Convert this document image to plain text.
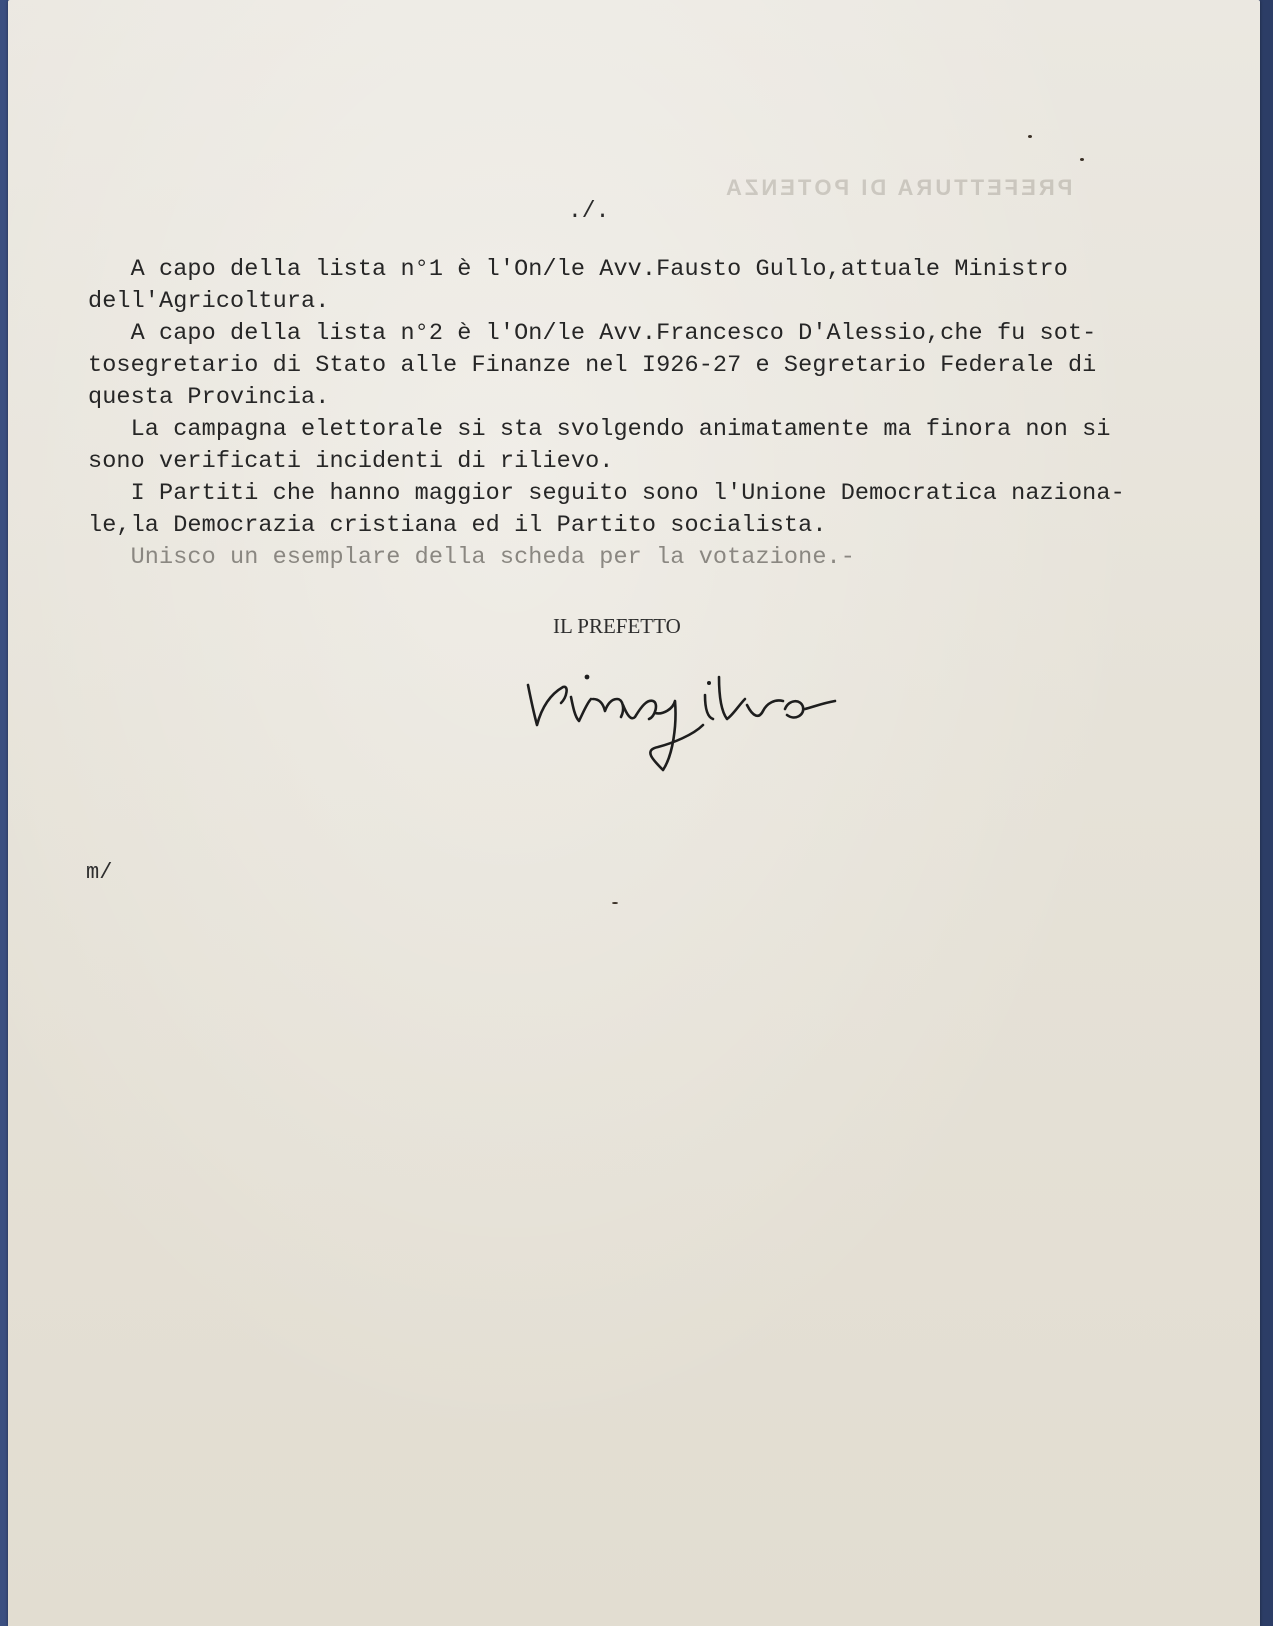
PREFETTURA DI POTENZA
./.
A capo della lista n°1 è l'On/le Avv.Fausto Gullo,attuale Ministro
dell'Agricoltura.
A capo della lista n°2 è l'On/le Avv.Francesco D'Alessio,che fu sot-
tosegretario di Stato alle Finanze nel I926-27 e Segretario Federale di
questa Provincia.
La campagna elettorale si sta svolgendo animatamente ma finora non si
sono verificati incidenti di rilievo.
I Partiti che hanno maggior seguito sono l'Unione Democratica naziona-
le,la Democrazia cristiana ed il Partito socialista.
Unisco un esemplare della scheda per la votazione.-
IL PREFETTO
m/
